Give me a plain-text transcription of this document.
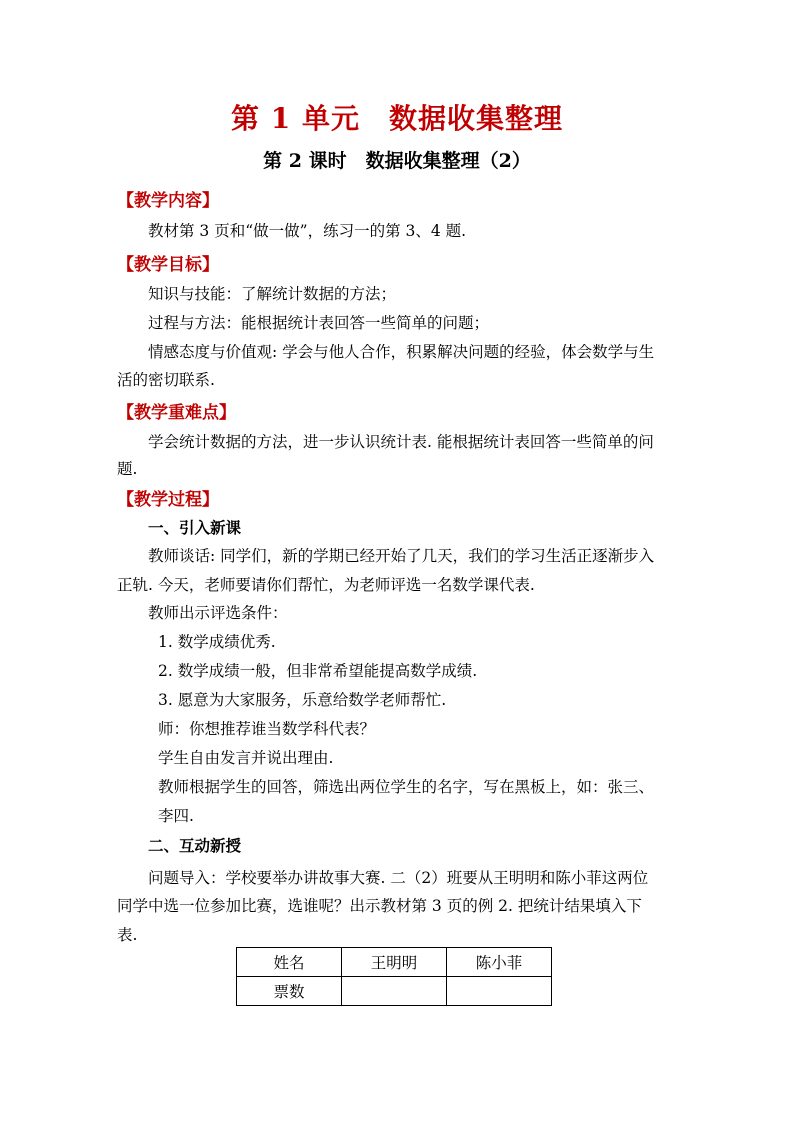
第 1 单元　数据收集整理
第 2 课时　数据收集整理（2）
【教学内容】
教材第 3 页和“做一做”，练习一的第 3、4 题.
【教学目标】
知识与技能：了解统计数据的方法；
过程与方法：能根据统计表回答一些简单的问题；
情感态度与价值观: 学会与他人合作，积累解决问题的经验，体会数学与生
活的密切联系.
【教学重难点】
学会统计数据的方法，进一步认识统计表. 能根据统计表回答一些简单的问
题.
【教学过程】
一、引入新课
教师谈话: 同学们，新的学期已经开始了几天，我们的学习生活正逐渐步入
正轨. 今天，老师要请你们帮忙，为老师评选一名数学课代表.
教师出示评选条件：
1. 数学成绩优秀.
2. 数学成绩一般，但非常希望能提高数学成绩.
3. 愿意为大家服务，乐意给数学老师帮忙.
师：你想推荐谁当数学科代表？
学生自由发言并说出理由.
教师根据学生的回答，筛选出两位学生的名字，写在黑板上，如：张三、
李四.
二、互动新授
问题导入：学校要举办讲故事大赛. 二（2）班要从王明明和陈小菲这两位
同学中选一位参加比赛，选谁呢？出示教材第 3 页的例 2. 把统计结果填入下
表.
姓名	王明明	陈小菲
票数		
